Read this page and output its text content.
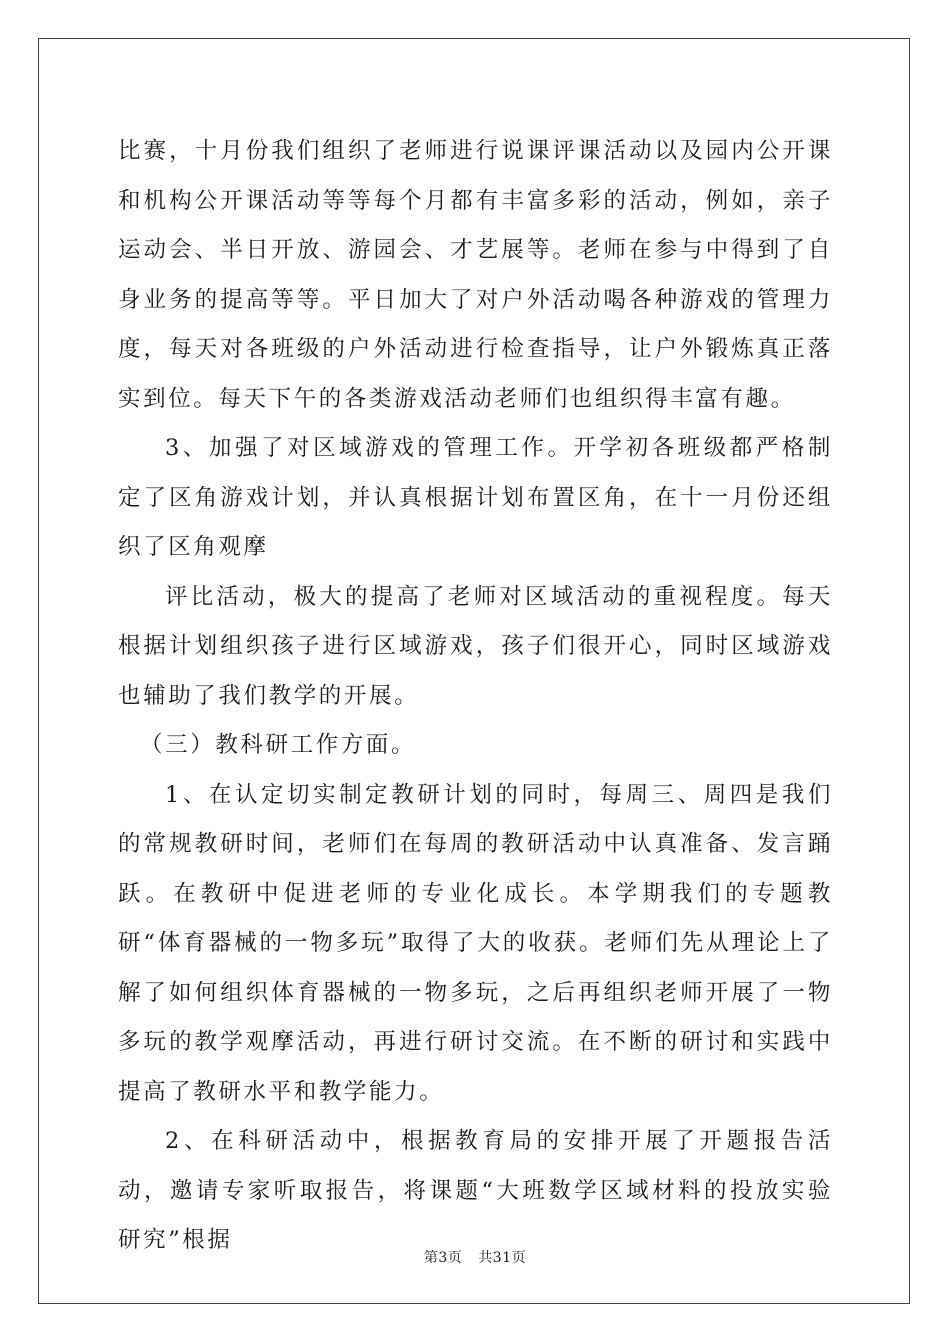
比赛，十月份我们组织了老师进行说课评课活动以及园内公开课和机构公开课活动等等每个月都有丰富多彩的活动，例如，亲子运动会、半日开放、游园会、才艺展等。老师在参与中得到了自身业务的提高等等。平日加大了对户外活动喝各种游戏的管理力度，每天对各班级的户外活动进行检查指导，让户外锻炼真正落实到位。每天下午的各类游戏活动老师们也组织得丰富有趣。

3、加强了对区域游戏的管理工作。开学初各班级都严格制定了区角游戏计划，并认真根据计划布置区角，在十一月份还组织了区角观摩

评比活动，极大的提高了老师对区域活动的重视程度。每天根据计划组织孩子进行区域游戏，孩子们很开心，同时区域游戏也辅助了我们教学的开展。

（三）教科研工作方面。

1、在认定切实制定教研计划的同时，每周三、周四是我们的常规教研时间，老师们在每周的教研活动中认真准备、发言踊跃。在教研中促进老师的专业化成长。本学期我们的专题教研“体育器械的一物多玩”取得了大的收获。老师们先从理论上了解了如何组织体育器械的一物多玩，之后再组织老师开展了一物多玩的教学观摩活动，再进行研讨交流。在不断的研讨和实践中提高了教研水平和教学能力。

2、在科研活动中，根据教育局的安排开展了开题报告活动，邀请专家听取报告，将课题“大班数学区域材料的投放实验研究”根据

第3页 共31页
